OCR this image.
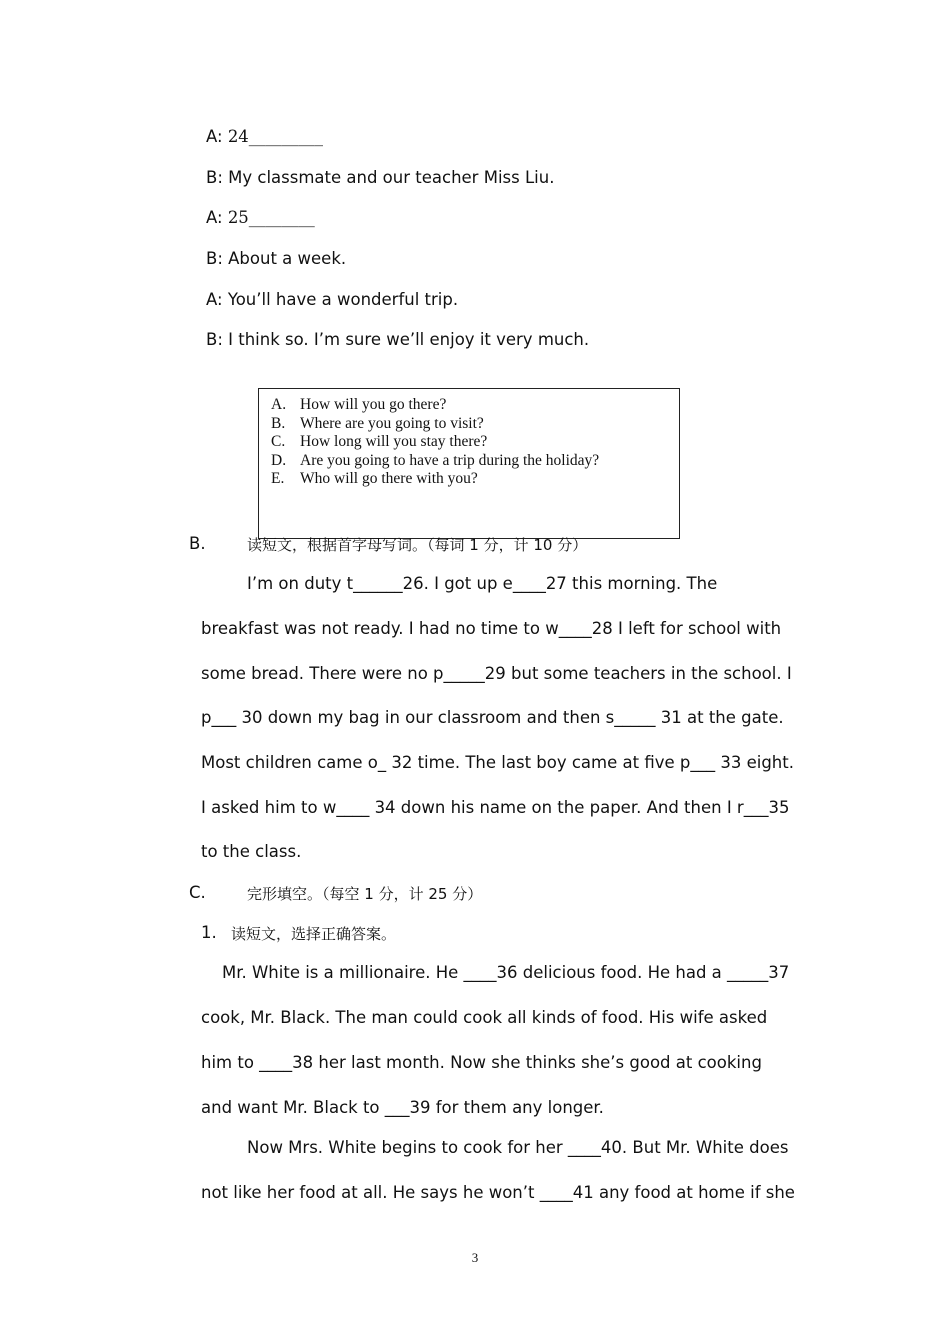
A: 24_________
B: My classmate and our teacher Miss Liu.
A: 25________
B: About a week.
A: You’ll have a wonderful trip.
B: I think so. I’m sure we’ll enjoy it very much.
A. How will you go there?
B. Where are you going to visit?
C. How long will you stay there?
D. Are you going to have a trip during the holiday?
E. Who will go there with you?
B.	读短文，根据首字母写词。（每词 1 分，计 10 分）
I’m on duty t______26. I got up e____27 this morning. The
breakfast was not ready. I had no time to w____28 I left for school with
some bread. There were no p_____29 but some teachers in the school. I
p___ 30 down my bag in our classroom and then s_____ 31 at the gate.
Most children came o_ 32 time. The last boy came at five p___ 33 eight.
I asked him to w____ 34 down his name on the paper. And then I r___35
to the class.
C.	完形填空。（每空 1 分，计 25 分）
1. 读短文，选择正确答案。
Mr. White is a millionaire. He ____36 delicious food. He had a _____37
cook, Mr. Black. The man could cook all kinds of food. His wife asked
him to ____38 her last month. Now she thinks she’s good at cooking
and want Mr. Black to ___39 for them any longer.
Now Mrs. White begins to cook for her ____40. But Mr. White does
not like her food at all. He says he won’t ____41 any food at home if she
3
